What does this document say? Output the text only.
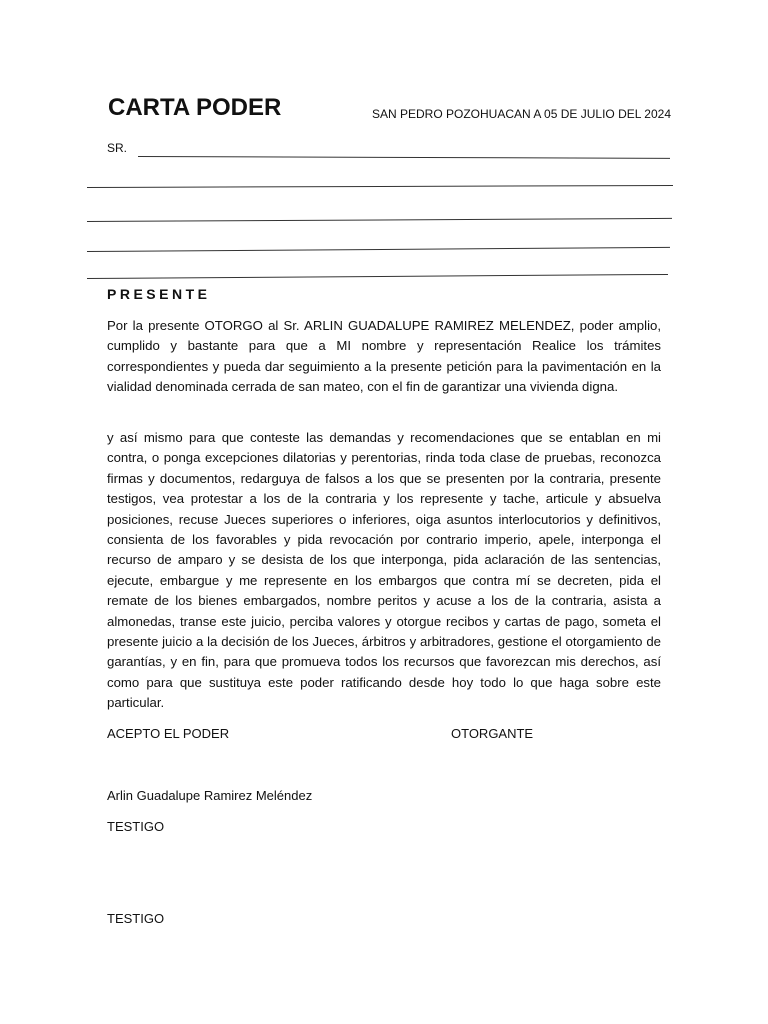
CARTA PODER	SAN PEDRO POZOHUACAN A 05 DE JULIO DEL 2024
SR.
PRESENTE
Por la presente OTORGO al Sr. ARLIN GUADALUPE RAMIREZ MELENDEZ, poder amplio, cumplido y bastante para que a MI nombre y representación Realice los trámites correspondientes y pueda dar seguimiento a la presente petición para la pavimentación en la vialidad denominada cerrada de san mateo, con el fin de garantizar una vivienda digna.
y así mismo para que conteste las demandas y recomendaciones que se entablan en mi contra, o ponga excepciones dilatorias y perentorias, rinda toda clase de pruebas, reconozca firmas y documentos, redarguya de falsos a los que se presenten por la contraria, presente testigos, vea protestar a los de la contraria y los represente y tache, articule y absuelva posiciones, recuse Jueces superiores o inferiores, oiga asuntos interlocutorios y definitivos, consienta de los favorables y pida revocación por contrario imperio, apele, interponga el recurso de amparo y se desista de los que interponga, pida aclaración de las sentencias, ejecute, embargue y me represente en los embargos que contra mí se decreten, pida el remate de los bienes embargados, nombre peritos y acuse a los de la contraria, asista a almonedas, transe este juicio, perciba valores y otorgue recibos y cartas de pago, someta el presente juicio a la decisión de los Jueces, árbitros y arbitradores, gestione el otorgamiento de garantías, y en fin, para que promueva todos los recursos que favorezcan mis derechos, así como para que sustituya este poder ratificando desde hoy todo lo que haga sobre este particular.
ACEPTO EL PODER	OTORGANTE
Arlin Guadalupe Ramirez Meléndez
TESTIGO
TESTIGO
